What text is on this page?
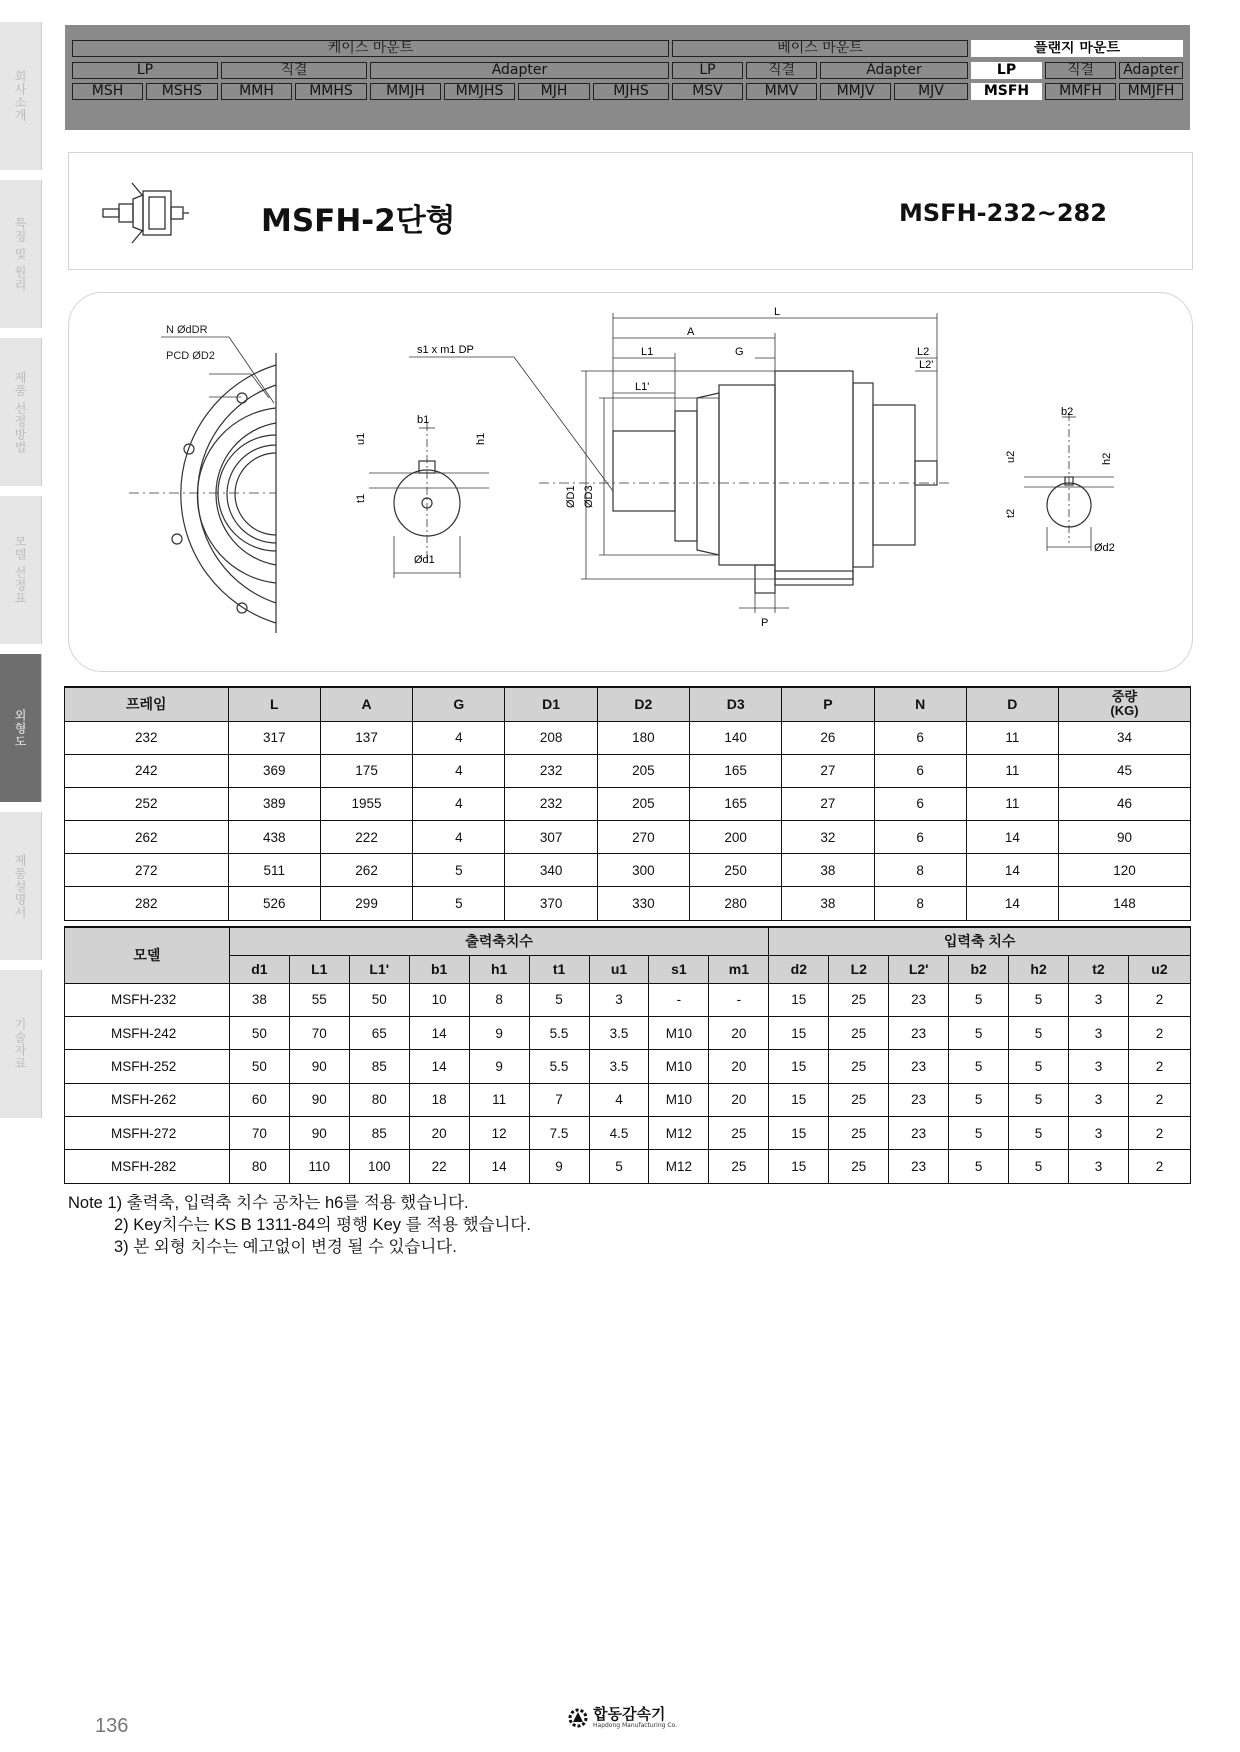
회사소개
특징 및 원리
제품 선정방법
모델 선정표
외형도
제품설명서
기술자료
케이스 마운트	베이스 마운트	플랜지 마운트
LP	직결	Adapter	LP	직결	Adapter	LP	직결	Adapter
MSH	MSHS	MMH	MMHS	MMJH	MMJHS	MJH	MJHS	MSV	MMV	MMJV	MJV	MSFH	MMFH	MMJFH
MSFH-2단형	MSFH-232~282
N ØdDR
PCD ØD2
b1
u1	h1
t1
Ød1
s1 x m1 DP
L
A
L1	G
L1'
L2
L2'
ØD1 ØD3
P
b2
u2	h2
t2
Ød2
프레임	L	A	G	D1	D2	D3	P	N	D	중량
(KG)
232	317	137	4	208	180	140	26	6	11	34
242	369	175	4	232	205	165	27	6	11	45
252	389	1955	4	232	205	165	27	6	11	46
262	438	222	4	307	270	200	32	6	14	90
272	511	262	5	340	300	250	38	8	14	120
282	526	299	5	370	330	280	38	8	14	148
모델	출력축치수									입력축 치수						
	d1	L1	L1'	b1	h1	t1	u1	s1	m1	d2	L2	L2'	b2	h2	t2	u2
MSFH-232	38	55	50	10	8	5	3	-	-	15	25	23	5	5	3	2
MSFH-242	50	70	65	14	9	5.5	3.5	M10	20	15	25	23	5	5	3	2
MSFH-252	50	90	85	14	9	5.5	3.5	M10	20	15	25	23	5	5	3	2
MSFH-262	60	90	80	18	11	7	4	M10	20	15	25	23	5	5	3	2
MSFH-272	70	90	85	20	12	7.5	4.5	M12	25	15	25	23	5	5	3	2
MSFH-282	80	110	100	22	14	9	5	M12	25	15	25	23	5	5	3	2
Note 1) 출력축, 입력축 치수 공차는 h6를 적용 했습니다.
2) Key치수는 KS B 1311-84의 평행 Key 를 적용 했습니다.
3) 본 외형 치수는 예고없이 변경 될 수 있습니다.
136
합동감속기
Hapdong Manufacturing Co.
